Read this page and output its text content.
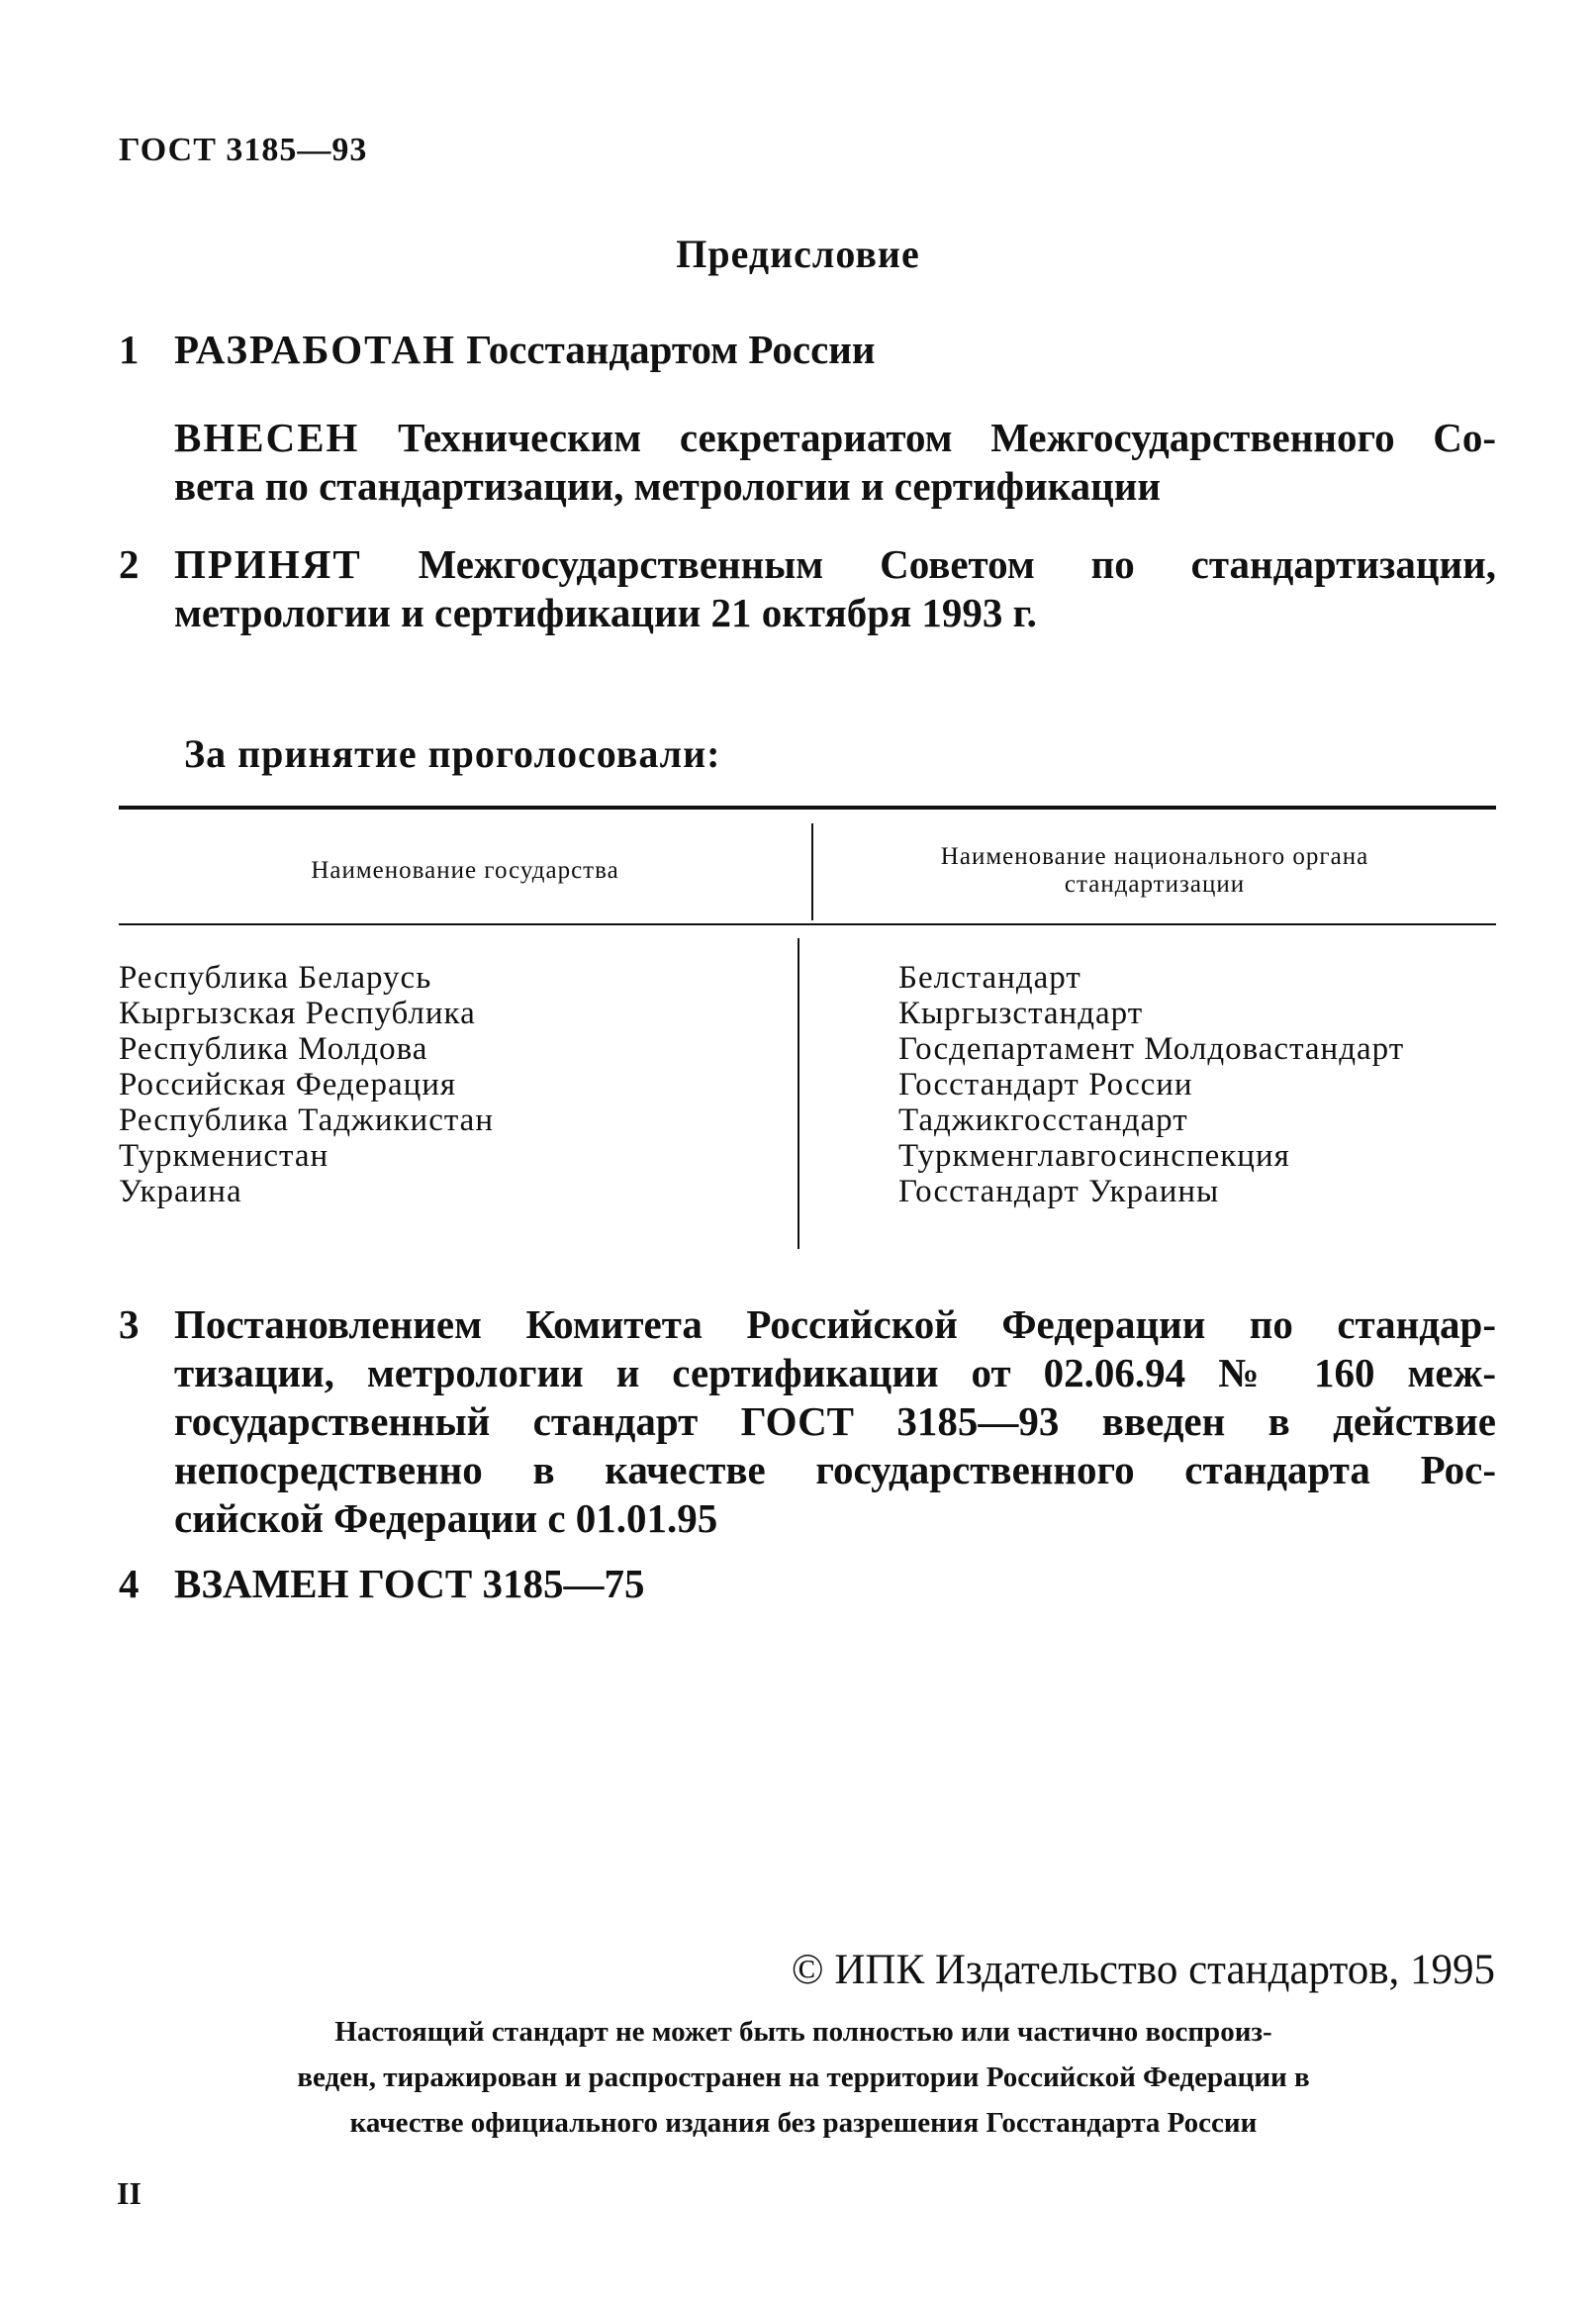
ГОСТ 3185—93
Предисловие
1 РАЗРАБОТАН Госстандартом России
ВНЕСЕН Техническим секретариатом Межгосударственного Со-
вета по стандартизации, метрологии и сертификации
2 ПРИНЯТ Межгосударственным Советом по стандартизации,
метрологии и сертификации 21 октября 1993 г.
За принятие проголосовали:
Наименование государства
Наименование национального органа
стандартизации
Республика Беларусь
Кыргызская Республика
Республика Молдова
Российская Федерация
Республика Таджикистан
Туркменистан
Украина
Белстандарт
Кыргызстандарт
Госдепартамент Молдовастандарт
Госстандарт России
Таджикгосстандарт
Туркменглавгосинспекция
Госстандарт Украины
3 Постановлением Комитета Российской Федерации по стандар-
тизации, метрологии и сертификации от 02.06.94 № 160 меж-
государственный стандарт ГОСТ 3185—93 введен в действие
непосредственно в качестве государственного стандарта Рос-
сийской Федерации с 01.01.95
4 ВЗАМЕН ГОСТ 3185—75
© ИПК Издательство стандартов, 1995
Настоящий стандарт не может быть полностью или частично воспроиз-
веден, тиражирован и распространен на территории Российской Федерации в
качестве официального издания без разрешения Госстандарта России
II
